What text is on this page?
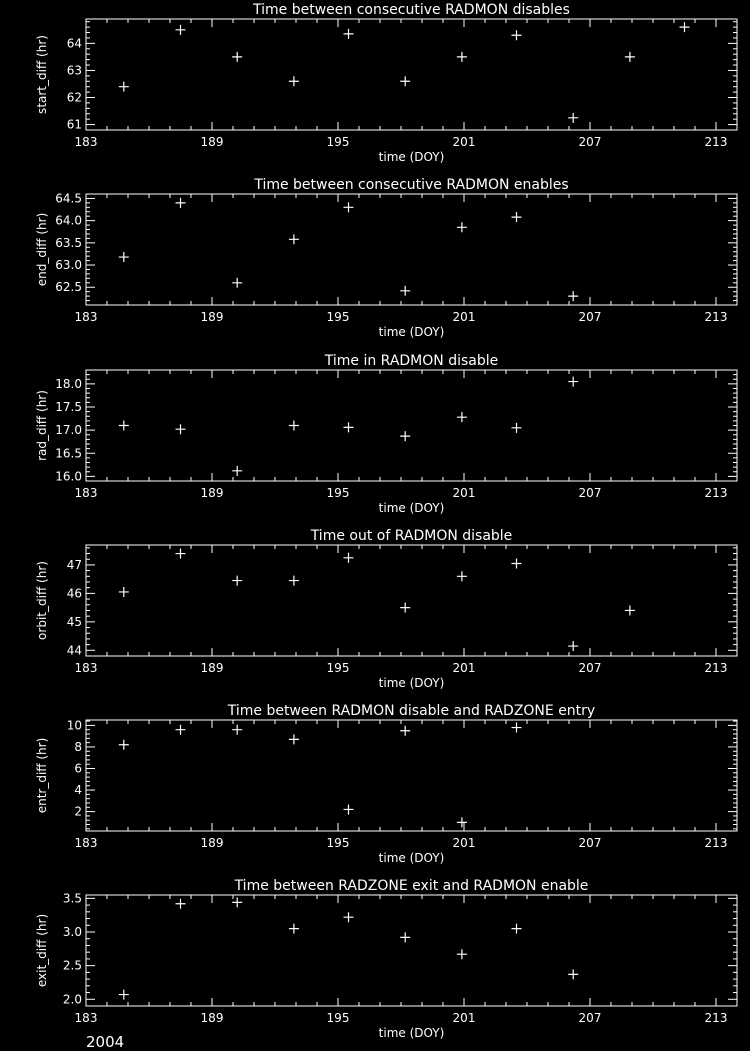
Time between consecutive RADMON disables
183	189	195	201	207	213
time (DOY)
61
62
63
64
start_diff (hr)
Time between consecutive RADMON enables
183	189	195	201	207	213
time (DOY)
62.5
63.0
63.5
64.0
64.5
end_diff (hr)
Time in RADMON disable
183	189	195	201	207	213
time (DOY)
16.0
16.5
17.0
17.5
18.0
rad_diff (hr)
Time out of RADMON disable
183	189	195	201	207	213
time (DOY)
44
45
46
47
orbit_diff (hr)
Time between RADMON disable and RADZONE entry
183	189	195	201	207	213
time (DOY)
2
4
6
8
10
entr_diff (hr)
Time between RADZONE exit and RADMON enable
183	189	195	201	207	213
time (DOY)
2.0
2.5
3.0
3.5
exit_diff (hr)
2004
